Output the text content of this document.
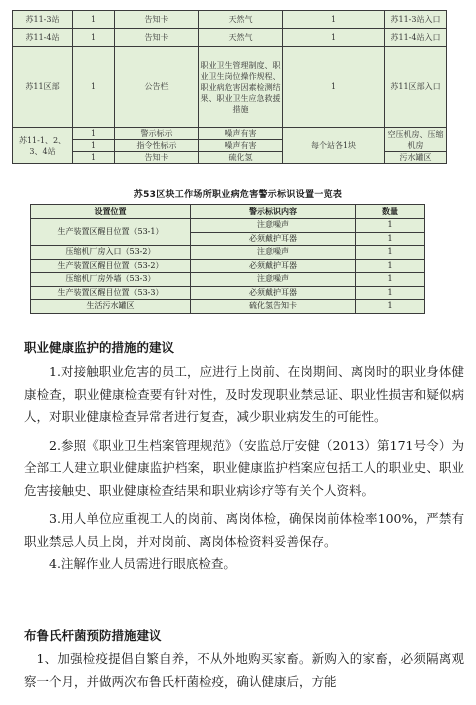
苏11-3站	1	告知卡	天然气	1	苏11-3站入口
苏11-4站	1	告知卡	天然气	1	苏11-4站入口
苏11区部	1	公告栏	职业卫生管理制度、职业卫生岗位操作规程、职业病危害因素检测结果、职业卫生应急救援措施	1	苏11区部入口
苏11-1、2、3、4站	1	警示标示	噪声有害	每个站各1块	空压机房、压缩机房
	1	指令性标示	噪声有害		
	1	告知卡	硫化氢		污水罐区
苏53区块工作场所职业病危害警示标识设置一览表
设置位置	警示标识内容	数量
生产装置区醒目位置（53-1）	注意噪声	1
	必须戴护耳器	1
压缩机厂房入口（53-2）	注意噪声	1
生产装置区醒目位置（53-2）	必须戴护耳器	1
压缩机厂房外墙（53-3）	注意噪声	1
生产装置区醒目位置（53-3）	必须戴护耳器	1
生活污水罐区	硫化氢告知卡	1
职业健康监护的措施的建议

1.对接触职业危害的员工，应进行上岗前、在岗期间、离岗时的职业身体健康检查，职业健康检查要有针对性，及时发现职业禁忌证、职业性损害和疑似病人，对职业健康检查异常者进行复查，减少职业病发生的可能性。

2.参照《职业卫生档案管理规范》（安监总厅安健（2013）第171号令）为全部工人建立职业健康监护档案，职业健康监护档案应包括工人的职业史、职业危害接触史、职业健康检查结果和职业病诊疗等有关个人资料。

3.用人单位应重视工人的岗前、离岗体检，确保岗前体检率100%，严禁有职业禁忌人员上岗，并对岗前、离岗体检资料妥善保存。

4.注解作业人员需进行眼底检查。

布鲁氏杆菌预防措施建议

1、加强检疫提倡自繁自养，不从外地购买家畜。新购入的家畜，必须隔离观察一个月，并做两次布鲁氏杆菌检疫，确认健康后，方能
